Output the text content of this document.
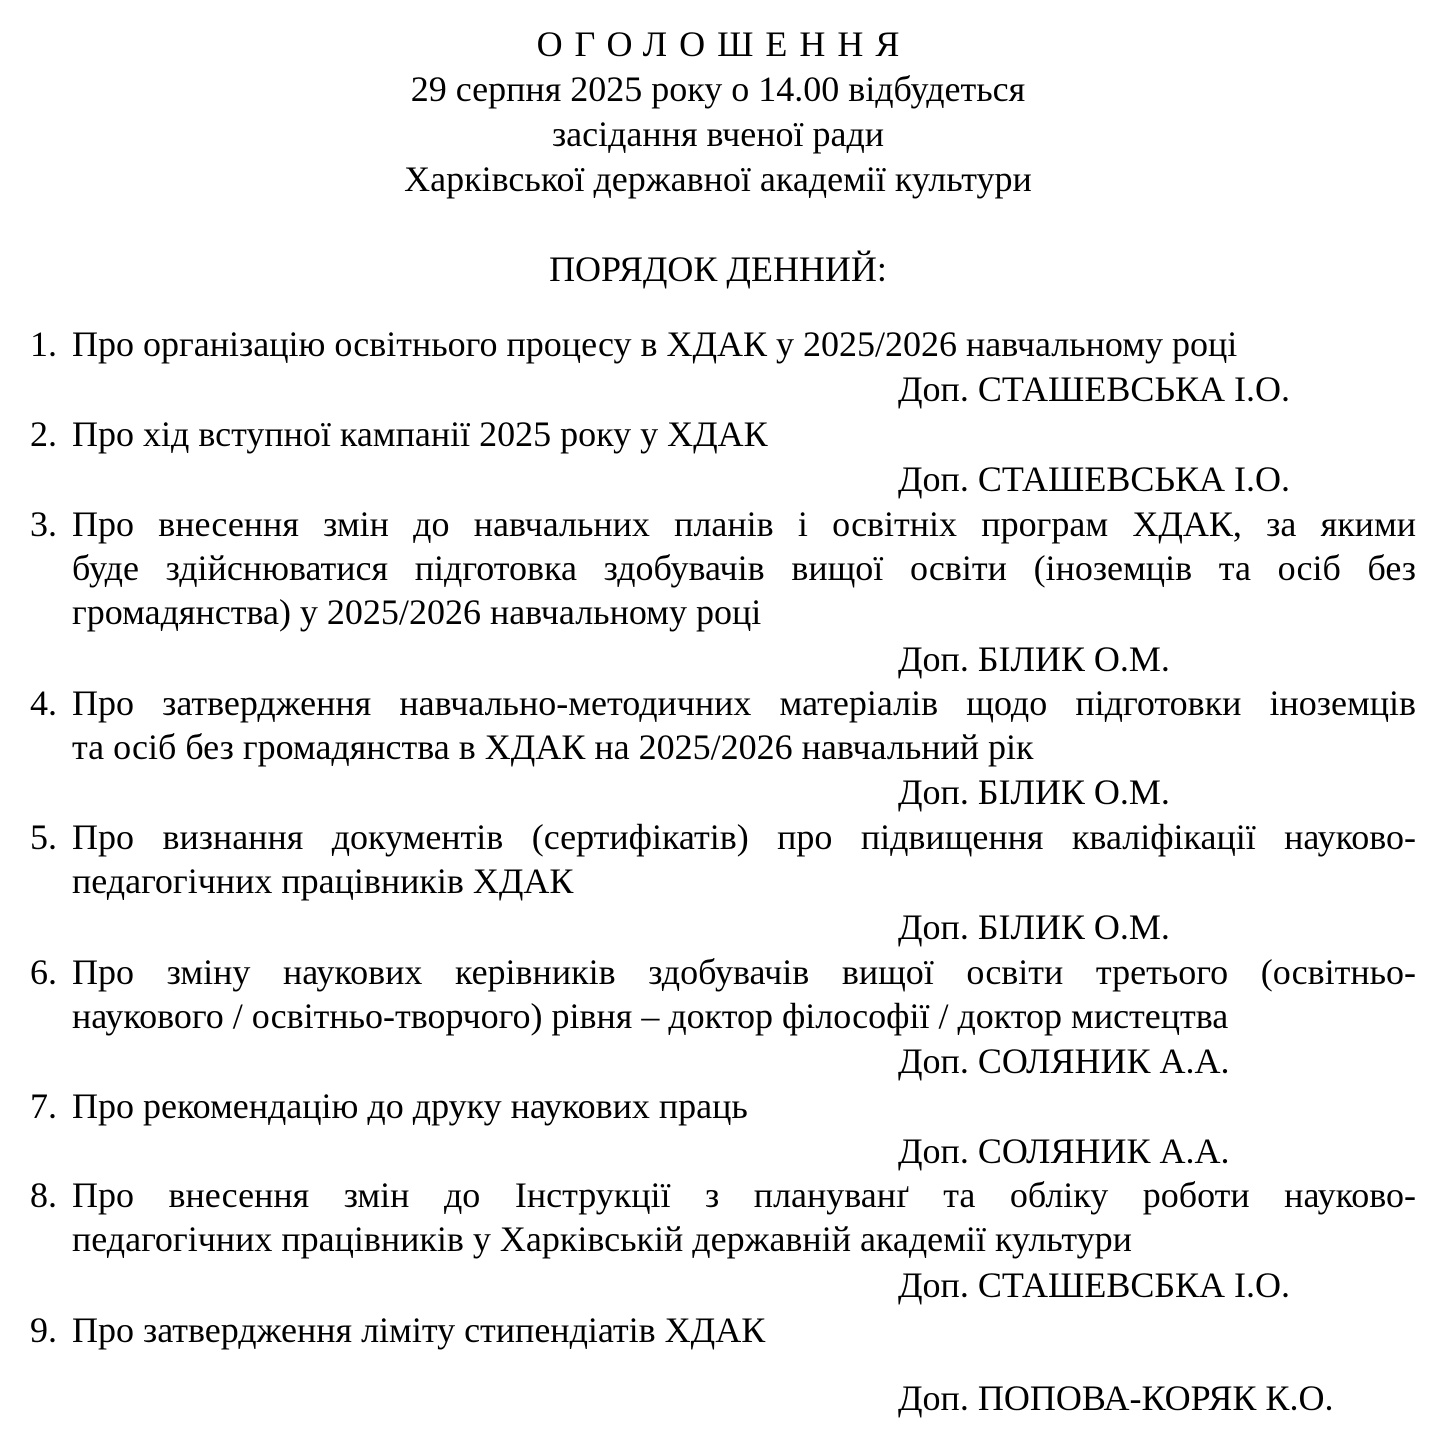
ОГОЛОШЕННЯ
29 серпня 2025 року о 14.00 відбудеться
засідання вченої ради
Харківської державної академії культури
ПОРЯДОК ДЕННИЙ:
1. Про організацію освітнього процесу в ХДАК у 2025/2026 навчальному році
Доп. СТАШЕВСЬКА І.О.
2. Про хід вступної кампанії 2025 року у ХДАК
Доп. СТАШЕВСЬКА І.О.
3. Про внесення змін до навчальних планів і освітніх програм ХДАК, за якими
буде здійснюватися підготовка здобувачів вищої освіти (іноземців та осіб без
громадянства) у 2025/2026 навчальному році
Доп. БІЛИК О.М.
4. Про затвердження навчально-методичних матеріалів щодо підготовки іноземців
та осіб без громадянства в ХДАК на 2025/2026 навчальний рік
Доп. БІЛИК О.М.
5. Про визнання документів (сертифікатів) про підвищення кваліфікації науково-
педагогічних працівників ХДАК
Доп. БІЛИК О.М.
6. Про зміну наукових керівників здобувачів вищої освіти третього (освітньо-
наукового / освітньо-творчого) рівня – доктор філософії / доктор мистецтва
Доп. СОЛЯНИК А.А.
7. Про рекомендацію до друку наукових праць
Доп. СОЛЯНИК А.А.
8. Про внесення змін до Інструкції з плануванґ та обліку роботи науково-
педагогічних працівників у Харківській державній академії культури
Доп. СТАШЕВСБКА І.О.
9. Про затвердження ліміту стипендіатів ХДАК
Доп. ПОПОВА-КОРЯК К.О.
